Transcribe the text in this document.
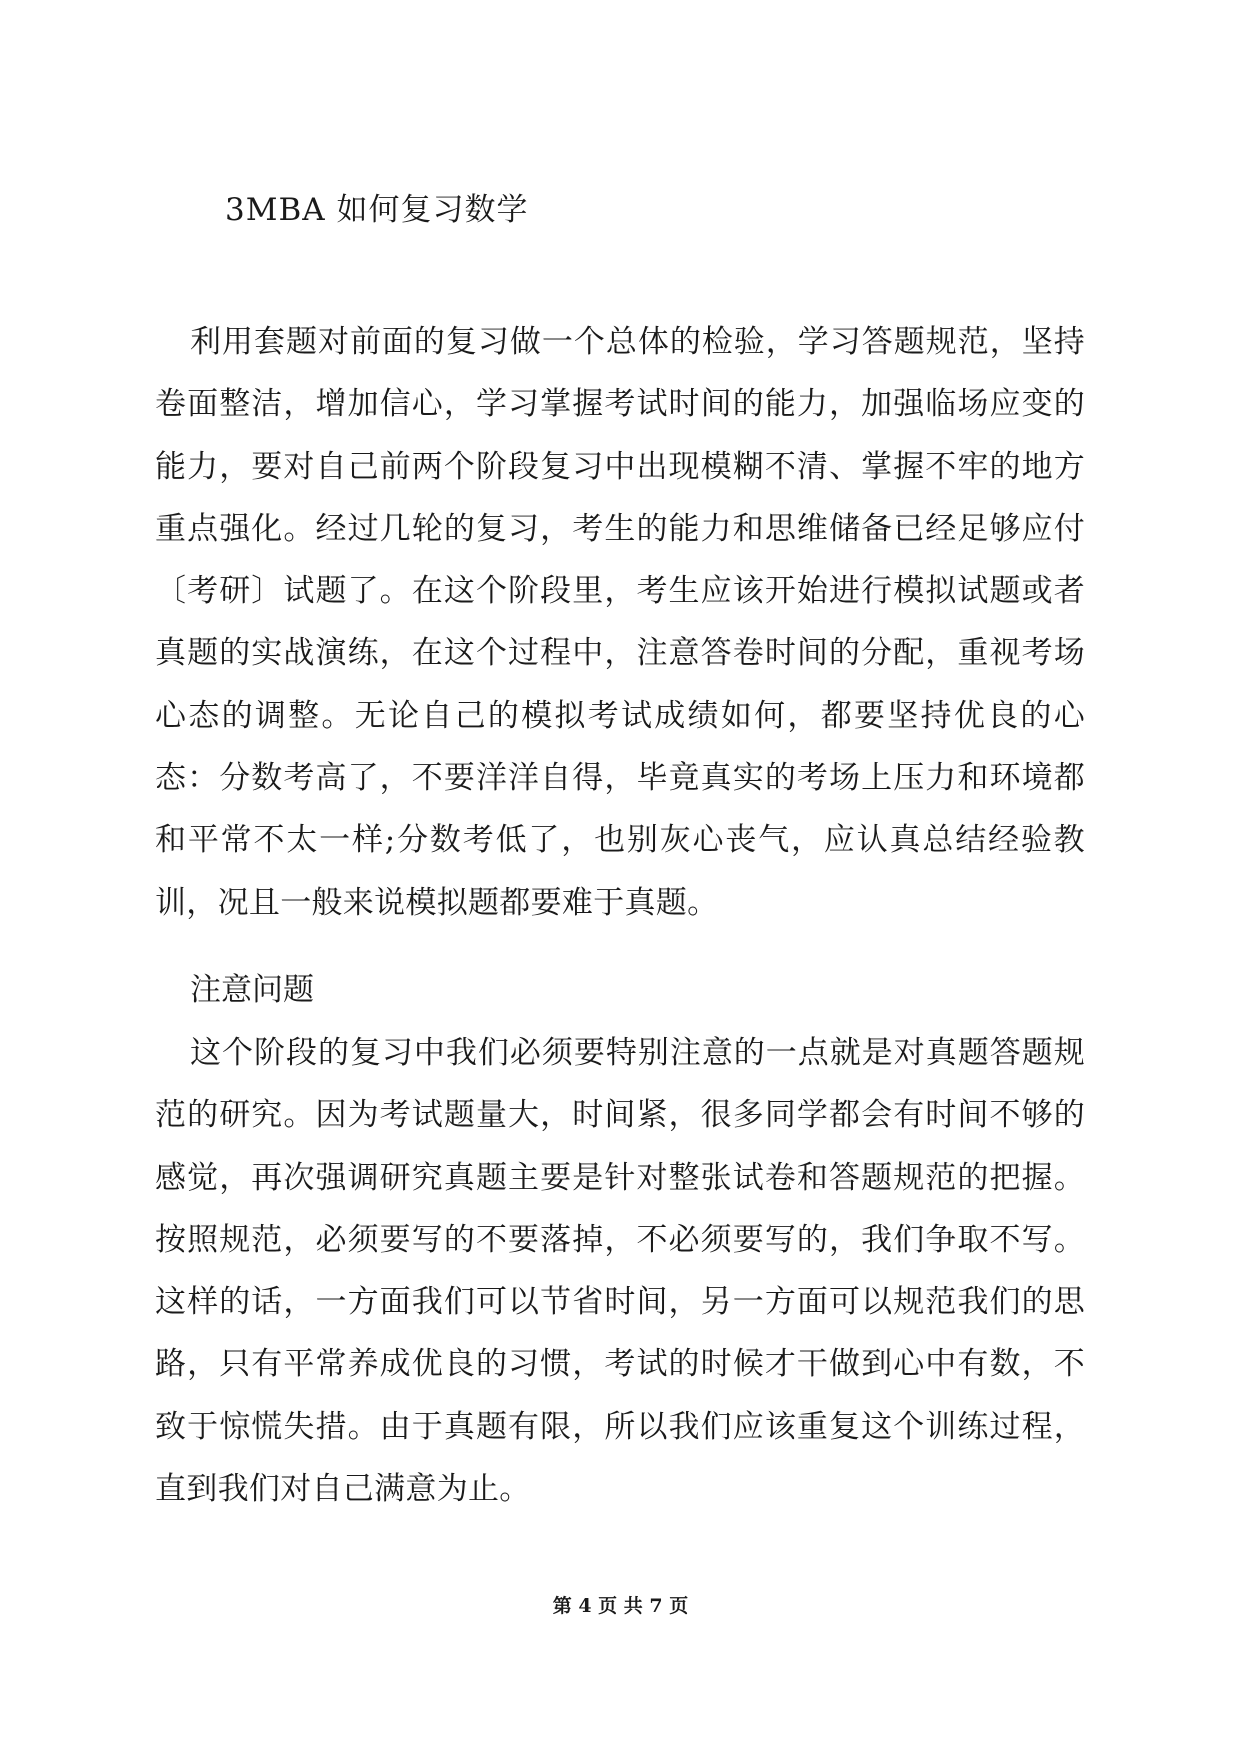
3MBA 如何复习数学

利用套题对前面的复习做一个总体的检验，学习答题规范，坚持卷面整洁，增加信心，学习掌握考试时间的能力，加强临场应变的能力，要对自己前两个阶段复习中出现模糊不清、掌握不牢的地方重点强化。经过几轮的复习，考生的能力和思维储备已经足够应付〔考研〕试题了。在这个阶段里，考生应该开始进行模拟试题或者真题的实战演练，在这个过程中，注意答卷时间的分配，重视考场心态的调整。无论自己的模拟考试成绩如何，都要坚持优良的心态：分数考高了，不要洋洋自得，毕竟真实的考场上压力和环境都和平常不太一样;分数考低了，也别灰心丧气，应认真总结经验教训，况且一般来说模拟题都要难于真题。

注意问题

这个阶段的复习中我们必须要特别注意的一点就是对真题答题规范的研究。因为考试题量大，时间紧，很多同学都会有时间不够的感觉，再次强调研究真题主要是针对整张试卷和答题规范的把握。按照规范，必须要写的不要落掉，不必须要写的，我们争取不写。这样的话，一方面我们可以节省时间，另一方面可以规范我们的思路，只有平常养成优良的习惯，考试的时候才干做到心中有数，不致于惊慌失措。由于真题有限，所以我们应该重复这个训练过程，直到我们对自己满意为止。

第 4 页 共 7 页
